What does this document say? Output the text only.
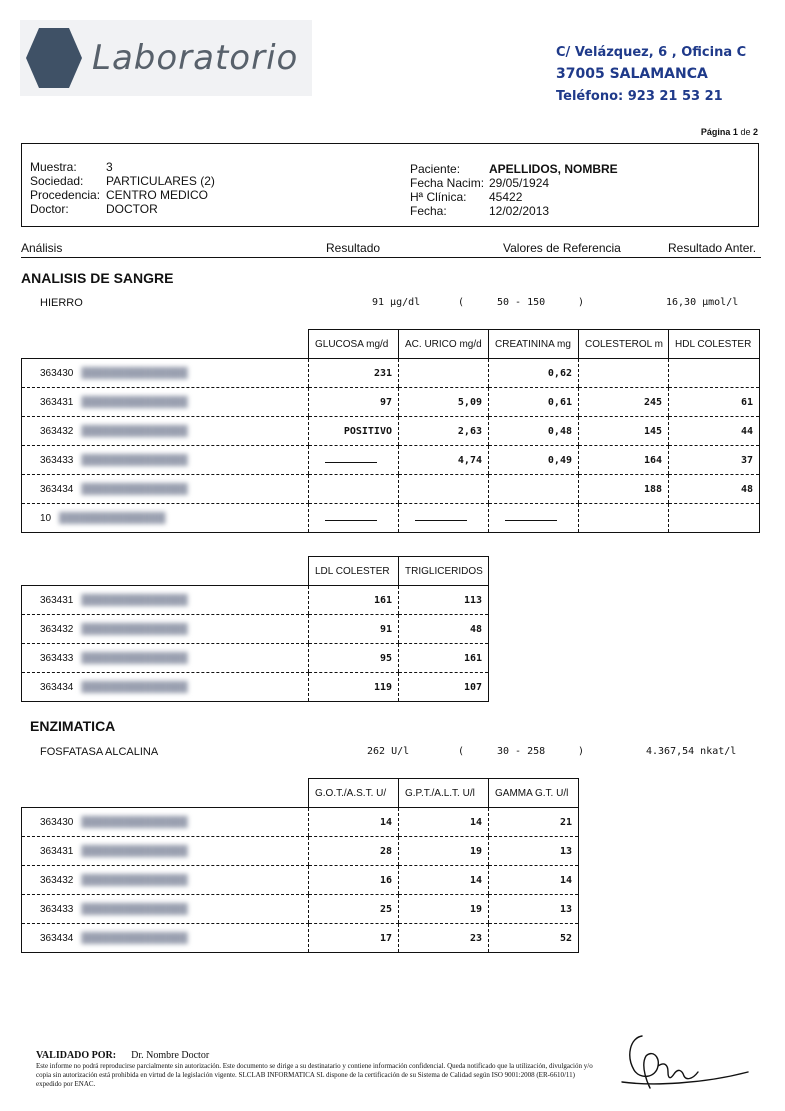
Laboratorio	C/ Velázquez, 6 , Oficina C
37005 SALAMANCA
Teléfono: 923 21 53 21
Página 1 de 2
Muestra: 3
Sociedad: PARTICULARES (2)
Procedencia: CENTRO MEDICO
Doctor:	DOCTOR
Paciente: APELLIDOS, NOMBRE
Fecha Nacim: 29/05/1924
Hª Clínica: 45422
Fecha:	12/02/2013
Análisis	Resultado	Valores de Referencia	Resultado Anter.
ANALISIS DE SANGRE
HIERRO	91 µg/dl	(	50 - 150	)	16,30 µmol/l
	GLUCOSA mg/d	AC. URICO mg/d	CREATININA mg	COLESTEROL m	HDL COLESTER
363430 ███████████████	231		0,62		
363431 ███████████████	97	5,09	0,61	245	61
363432 ███████████████	POSITIVO	2,63	0,48	145	44
363433 ███████████████		4,74	0,49	164	37
363434 ███████████████				188	48
10 ███████████████					
	LDL COLESTER	TRIGLICERIDOS
363431 ███████████████	161	113
363432 ███████████████	91	48
363433 ███████████████	95	161
363434 ███████████████	119	107
ENZIMATICA
FOSFATASA ALCALINA	262 U/l	(	30 - 258	)	4.367,54 nkat/l
	G.O.T./A.S.T. U/	G.P.T./A.L.T. U/l	GAMMA G.T. U/l
363430 ███████████████	14	14	21
363431 ███████████████	28	19	13
363432 ███████████████	16	14	14
363433 ███████████████	25	19	13
363434 ███████████████	17	23	52
VALIDADO POR: Dr. Nombre Doctor
Este informe no podrá reproducirse parcialmente sin autorización. Este documento se dirige a su destinatario y contiene información confidencial. Queda notificado que la utilización, divulgación y/o copia sin autorización está prohibida en virtud de la legislación vigente. SLCLAB INFORMATICA SL dispone de la certificación de su Sistema de Calidad según ISO 9001:2008 (ER-6610/11) expedido por ENAC.
